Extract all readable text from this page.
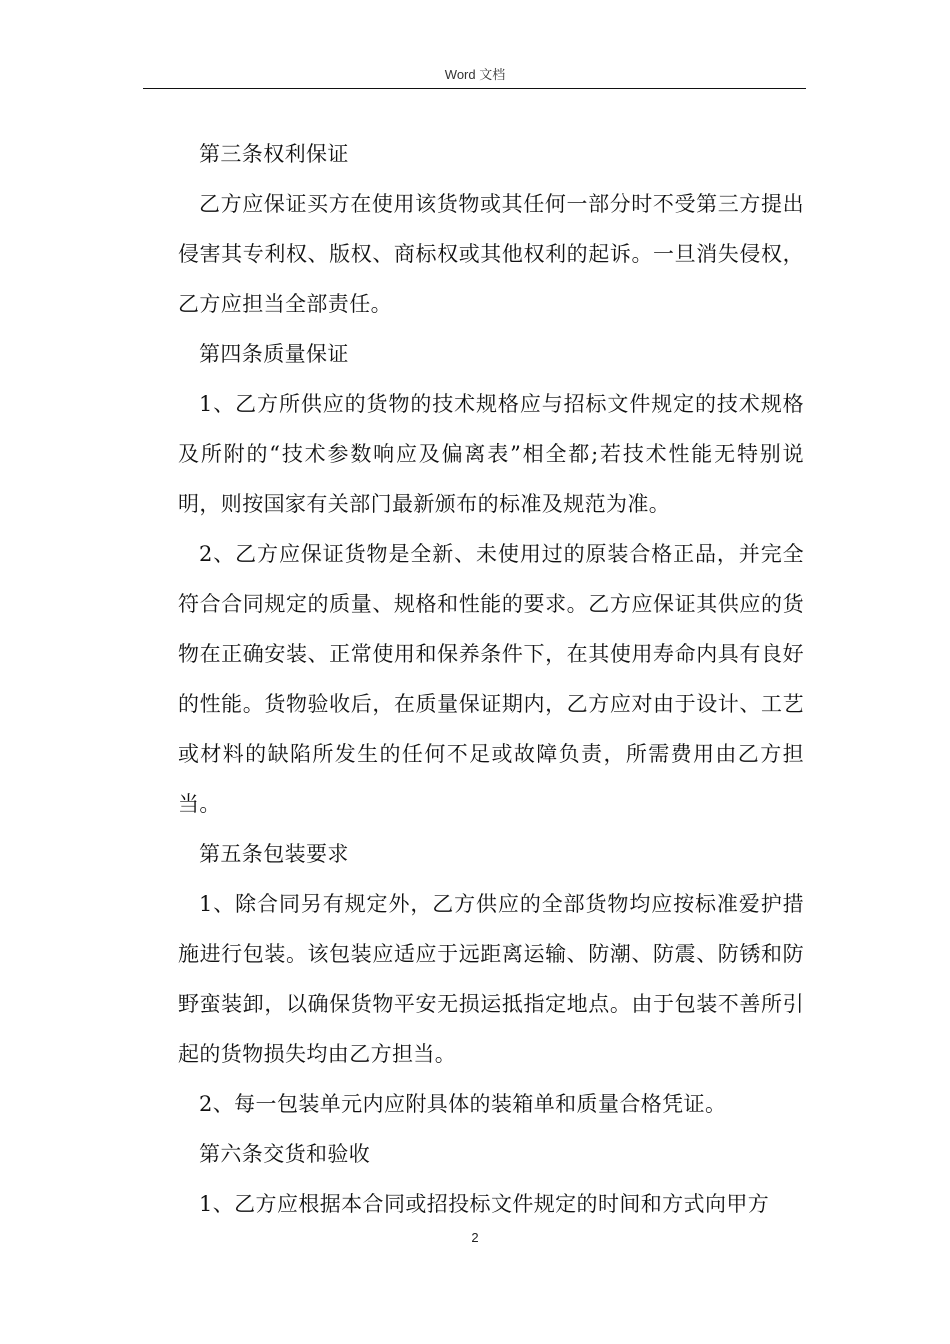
Word 文档

第三条权利保证

乙方应保证买方在使用该货物或其任何一部分时不受第三方提出侵害其专利权、版权、商标权或其他权利的起诉。一旦消失侵权，乙方应担当全部责任。

第四条质量保证

1、乙方所供应的货物的技术规格应与招标文件规定的技术规格及所附的“技术参数响应及偏离表”相全都;若技术性能无特别说明，则按国家有关部门最新颁布的标准及规范为准。

2、乙方应保证货物是全新、未使用过的原装合格正品，并完全符合合同规定的质量、规格和性能的要求。乙方应保证其供应的货物在正确安装、正常使用和保养条件下，在其使用寿命内具有良好的性能。货物验收后，在质量保证期内，乙方应对由于设计、工艺或材料的缺陷所发生的任何不足或故障负责，所需费用由乙方担当。

第五条包装要求

1、除合同另有规定外，乙方供应的全部货物均应按标准爱护措施进行包装。该包装应适应于远距离运输、防潮、防震、防锈和防野蛮装卸，以确保货物平安无损运抵指定地点。由于包装不善所引起的货物损失均由乙方担当。

2、每一包装单元内应附具体的装箱单和质量合格凭证。

第六条交货和验收

1、乙方应根据本合同或招投标文件规定的时间和方式向甲方

2
